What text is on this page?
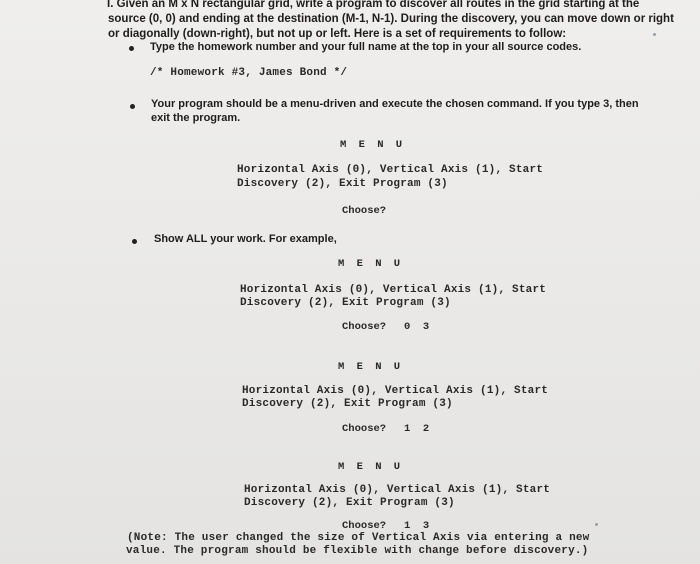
I. Given an M x N rectangular grid, write a program to discover all routes in the grid starting at the
source (0, 0) and ending at the destination (M-1, N-1). During the discovery, you can move down or right
or diagonally (down-right), but not up or left. Here is a set of requirements to follow:
Type the homework number and your full name at the top in your all source codes.
/* Homework #3, James Bond */
Your program should be a menu-driven and execute the chosen command. If you type 3, then
exit the program.
M E N U
Horizontal Axis (0), Vertical Axis (1), Start
Discovery (2), Exit Program (3)
Choose?
Show ALL your work. For example,
M E N U
Horizontal Axis (0), Vertical Axis (1), Start
Discovery (2), Exit Program (3)
Choose? 0  3
M E N U
Horizontal Axis (0), Vertical Axis (1), Start
Discovery (2), Exit Program (3)
Choose? 1  2
M E N U
Horizontal Axis (0), Vertical Axis (1), Start
Discovery (2), Exit Program (3)
Choose? 1  3
(Note: The user changed the size of Vertical Axis via entering a new
value. The program should be flexible with change before discovery.)
